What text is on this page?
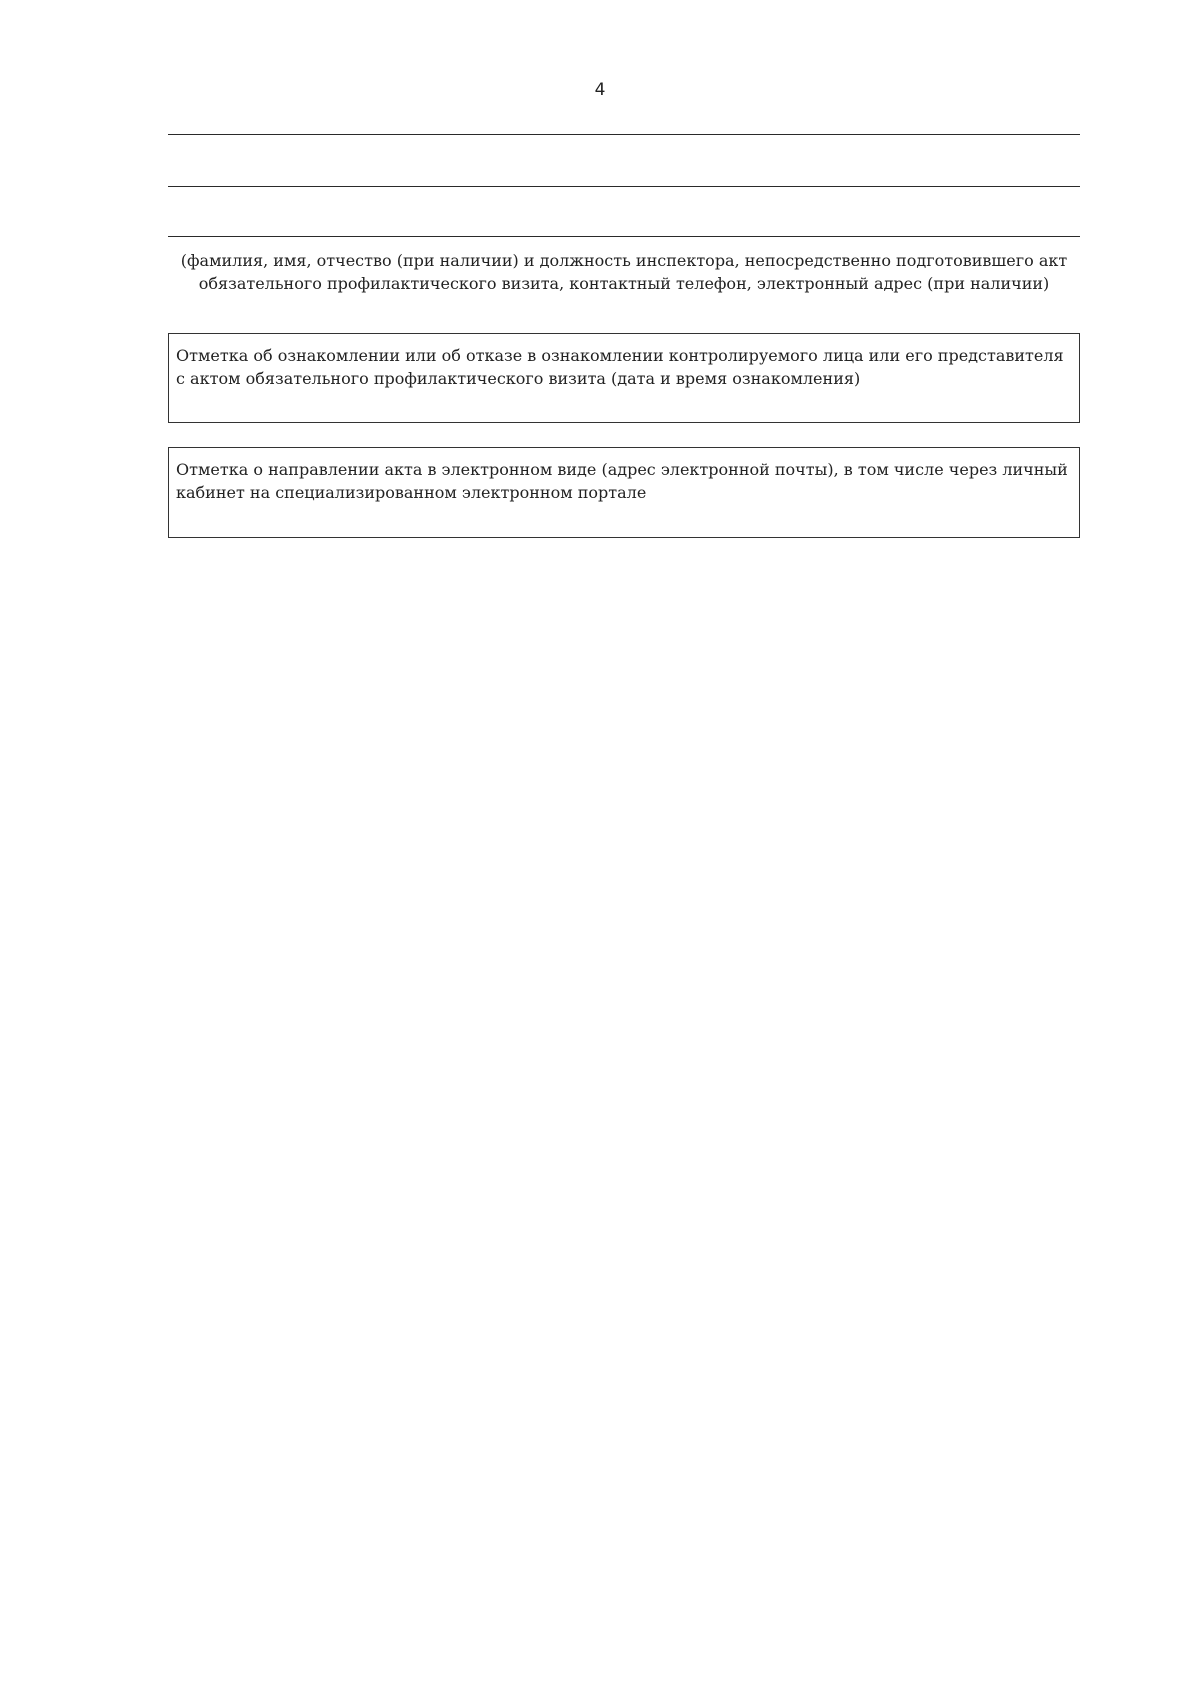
4
(фамилия, имя, отчество (при наличии) и должность инспектора, непосредственно подготовившего акт обязательного профилактического визита, контактный телефон, электронный адрес (при наличии)
Отметка об ознакомлении или об отказе в ознакомлении контролируемого лица или его представителя с актом обязательного профилактического визита (дата и время ознакомления)
Отметка о направлении акта в электронном виде (адрес электронной почты), в том числе через личный кабинет на специализированном электронном портале
